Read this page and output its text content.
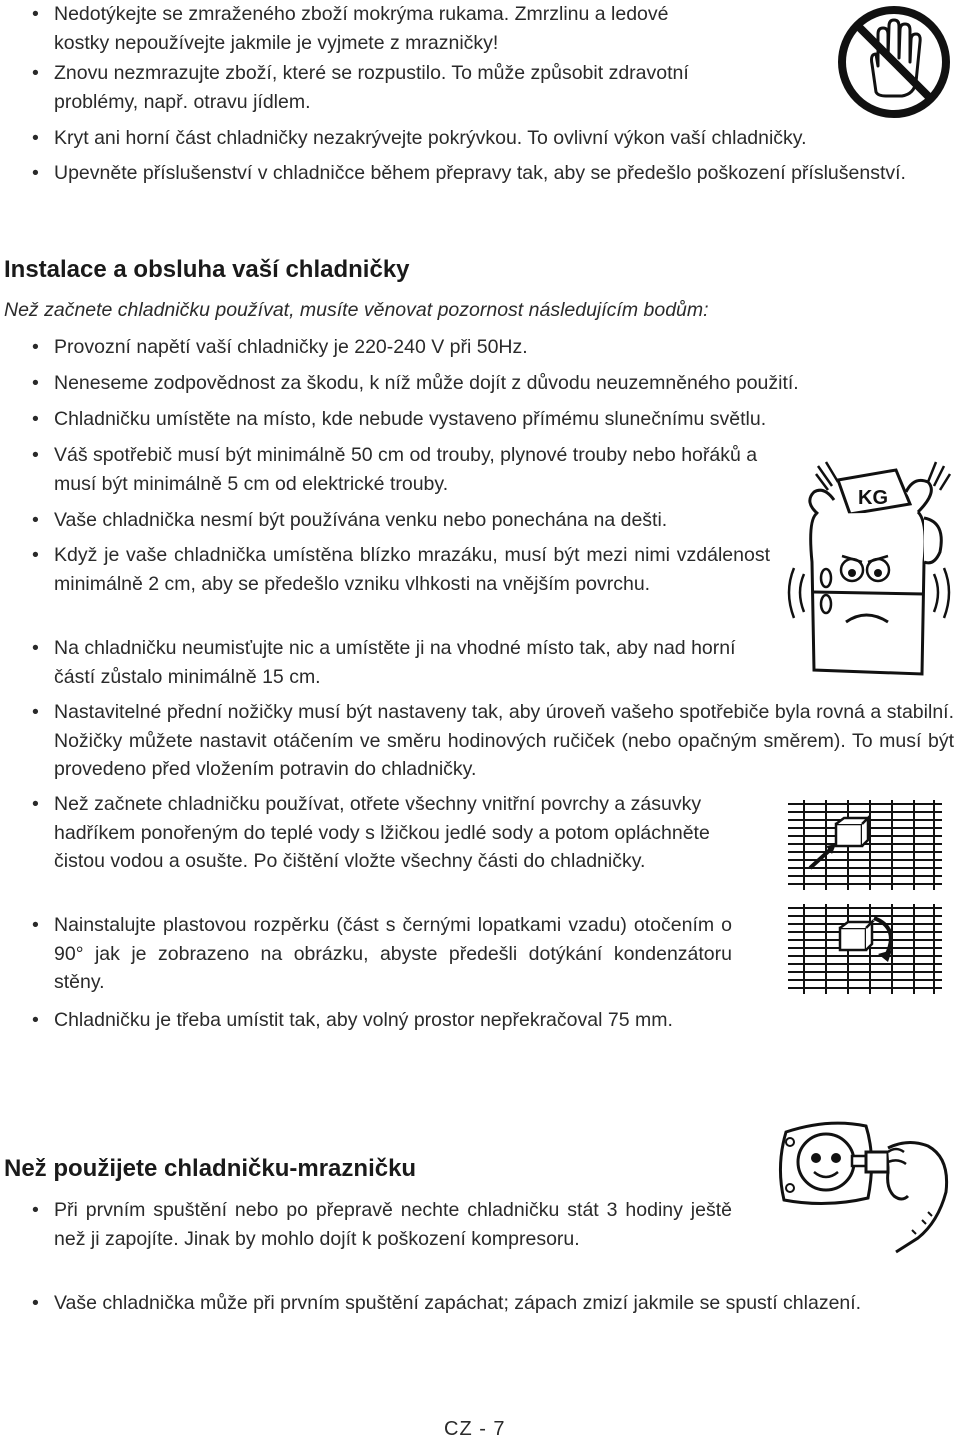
• Nedotýkejte se zmraženého zboží mokrýma rukama. Zmrzlinu a ledové
kostky nepoužívejte jakmile je vyjmete z mrazničky!
• Znovu nezmrazujte zboží, které se rozpustilo. To může způsobit zdravotní
problémy, např. otravu jídlem.
• Kryt ani horní část chladničky nezakrývejte pokrývkou. To ovlivní výkon vaší chladničky.
• Upevněte příslušenství v chladničce během přepravy tak, aby se předešlo poškození příslušenství.
Instalace a obsluha vaší chladničky
Než začnete chladničku používat, musíte věnovat pozornost následujícím bodům:
• Provozní napětí vaší chladničky je 220-240 V při 50Hz.
• Neneseme zodpovědnost za škodu, k níž může dojít z důvodu neuzemněného použití.
• Chladničku umístěte na místo, kde nebude vystaveno přímému slunečnímu světlu.
• Váš spotřebič musí být minimálně 50 cm od trouby, plynové trouby nebo hořáků a musí být minimálně 5 cm od elektrické trouby.
• Vaše chladnička nesmí být používána venku nebo ponechána na dešti.
• Když je vaše chladnička umístěna blízko mrazáku, musí být mezi nimi vzdálenost minimálně 2 cm, aby se předešlo vzniku vlhkosti na vnějším povrchu.
• Na chladničku neumisťujte nic a umístěte ji na vhodné místo tak, aby nad horní částí zůstalo minimálně 15 cm.
KG
• Nastavitelné přední nožičky musí být nastaveny tak, aby úroveň vašeho spotřebiče byla rovná a stabilní. Nožičky můžete nastavit otáčením ve směru hodinových ručiček (nebo opačným směrem). To musí být provedeno před vložením potravin do chladničky.
• Než začnete chladničku používat, otřete všechny vnitřní povrchy a zásuvky hadříkem ponořeným do teplé vody s lžičkou jedlé sody a potom opláchněte čistou vodou a osušte. Po čištění vložte všechny části do chladničky.
• Nainstalujte plastovou rozpěrku (část s černými lopatkami vzadu) otočením o 90° jak je zobrazeno na obrázku, abyste předešli dotýkání kondenzátoru stěny.
• Chladničku je třeba umístit tak, aby volný prostor nepřekračoval 75 mm.
Než použijete chladničku-mrazničku
• Při prvním spuštění nebo po přepravě nechte chladničku stát 3 hodiny ještě než ji zapojíte. Jinak by mohlo dojít k poškození kompresoru.
• Vaše chladnička může při prvním spuštění zapáchat; zápach zmizí jakmile se spustí chlazení.
CZ - 7
